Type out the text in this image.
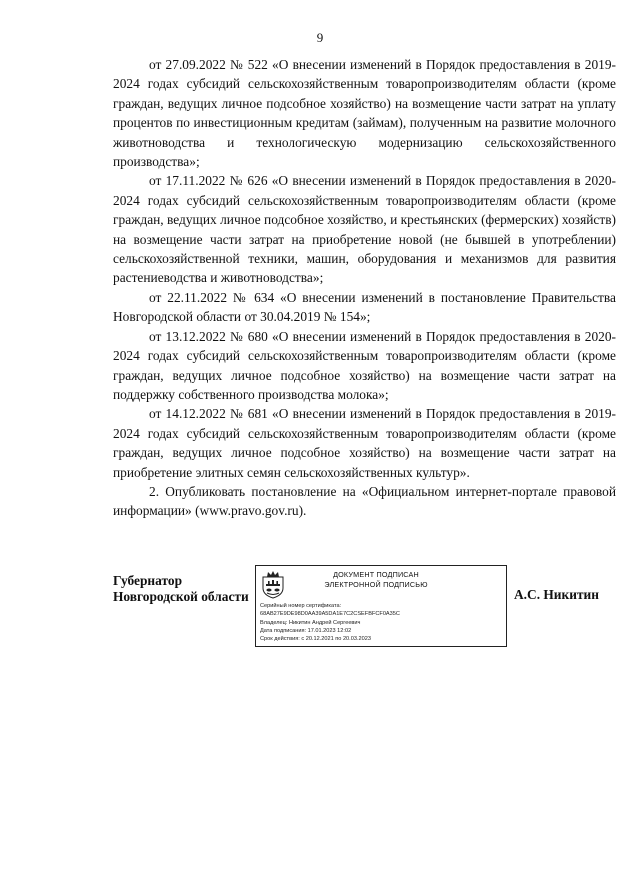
9

от 27.09.2022 № 522 «О внесении изменений в Порядок предоставления в 2019-2024 годах субсидий сельскохозяйственным товаропроизводителям области (кроме граждан, ведущих личное подсобное хозяйство) на возмещение части затрат на уплату процентов по инвестиционным кредитам (займам), полученным на развитие молочного животноводства и технологическую модернизацию сельскохозяйственного производства»;

от 17.11.2022 № 626 «О внесении изменений в Порядок предоставления в 2020-2024 годах субсидий сельскохозяйственным товаропроизводителям области (кроме граждан, ведущих личное подсобное хозяйство, и крестьянских (фермерских) хозяйств) на возмещение части затрат на приобретение новой (не бывшей в употреблении) сельскохозяйственной техники, машин, оборудования и механизмов для развития растениеводства и животноводства»;

от 22.11.2022 № 634 «О внесении изменений в постановление Правительства Новгородской области от 30.04.2019 № 154»;

от 13.12.2022 № 680 «О внесении изменений в Порядок предоставления в 2020-2024 годах субсидий сельскохозяйственным товаропроизводителям области (кроме граждан, ведущих личное подсобное хозяйство) на возмещение части затрат на поддержку собственного производства молока»;

от 14.12.2022 № 681 «О внесении изменений в Порядок предоставления в 2019-2024 годах субсидий сельскохозяйственным товаропроизводителям области (кроме граждан, ведущих личное подсобное хозяйство) на возмещение части затрат на приобретение элитных семян сельскохозяйственных культур».

2. Опубликовать постановление на «Официальном интернет-портале правовой информации» (www.pravo.gov.ru).

Губернатор
Новгородской области
ДОКУМЕНТ ПОДПИСАН
ЭЛЕКТРОННОЙ ПОДПИСЬЮ
Серийный номер сертификата:
68AB27E9DE98D0AA39A5DA1E7C2CSEFBFCF0A35C
Владелец: Никитин Андрей Сергеевич
Дата подписания: 17.01.2023 12:02
Срок действия: с 20.12.2021 по 20.03.2023
А.С. Никитин
